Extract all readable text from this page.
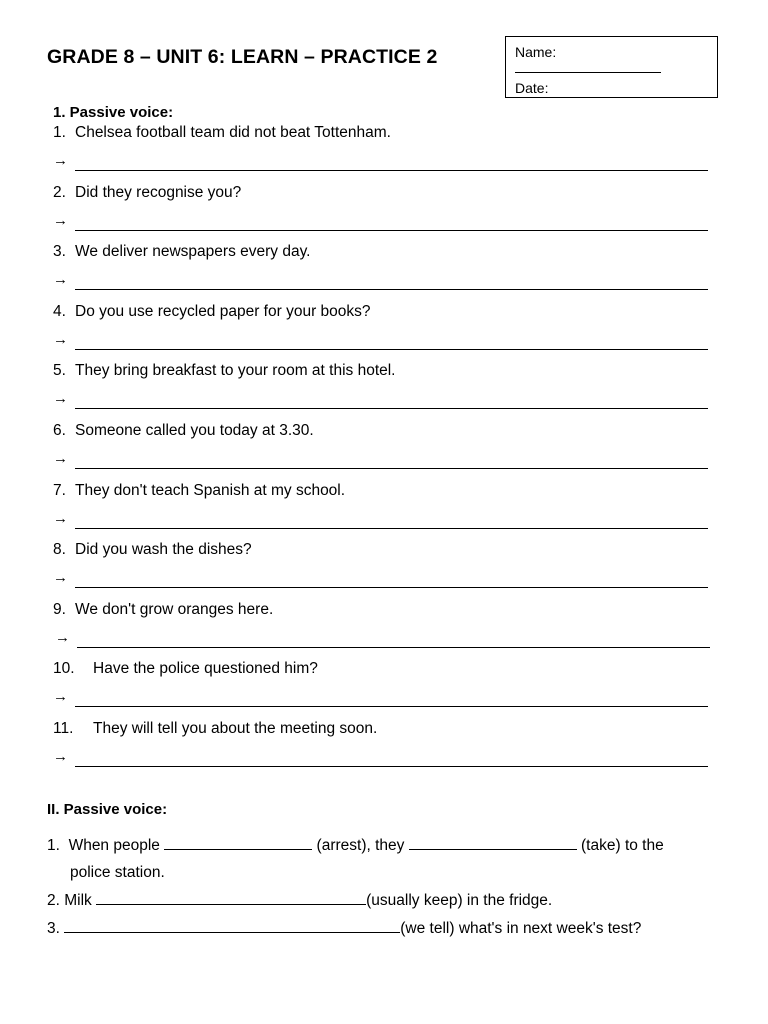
GRADE 8 – UNIT 6: LEARN – PRACTICE 2	Name:
Date:
1. Passive voice:
1. Chelsea football team did not beat Tottenham.
→
2. Did they recognise you?
→
3. We deliver newspapers every day.
→
4. Do you use recycled paper for your books?
→
5. They bring breakfast to your room at this hotel.
→
6. Someone called you today at 3.30.
→
7. They don't teach Spanish at my school.
→
8. Did you wash the dishes?
→
9. We don't grow oranges here.
→
10. Have the police questioned him?
→
11. They will tell you about the meeting soon.
→
II. Passive voice:
1. When people	(arrest), they	(take) to the
police station.
2. Milk	(usually keep) in the fridge.
3.	(we tell) what's in next week's test?
